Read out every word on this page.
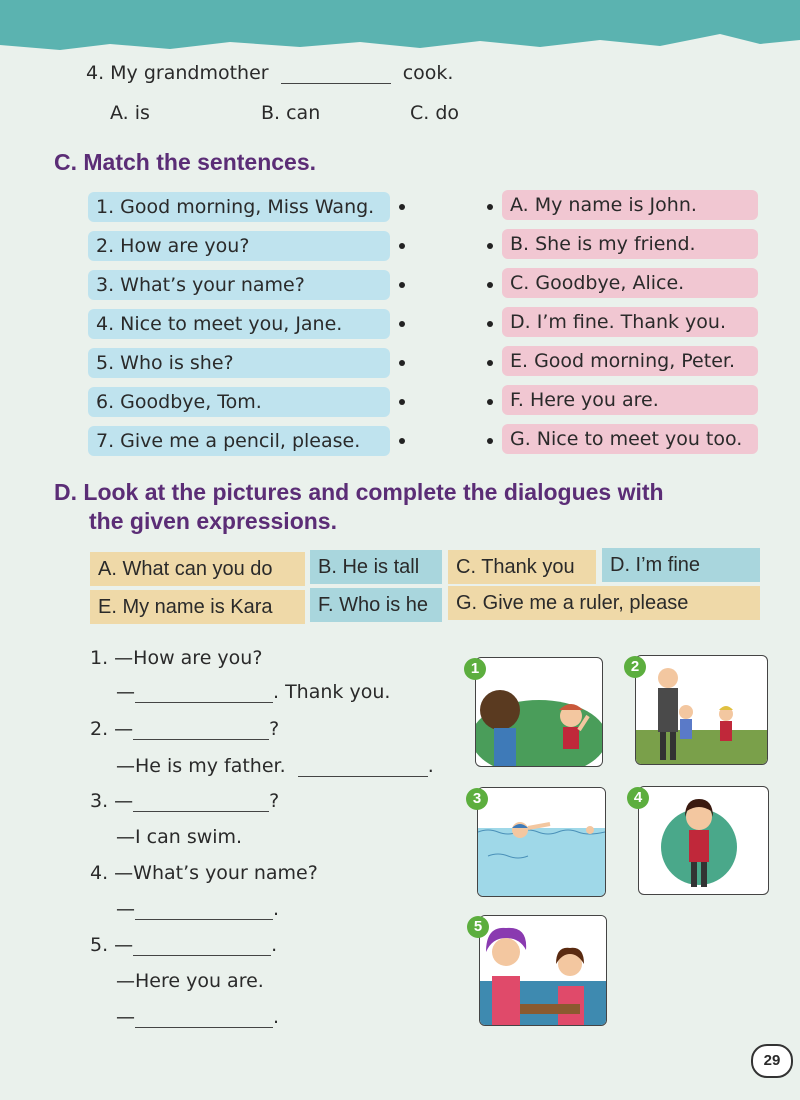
4. My grandmother	cook.
A. is	B. can	C. do
C. Match the sentences.
1. Good morning, Miss Wang.
2. How are you?
3. What’s your name?
4. Nice to meet you, Jane.
5. Who is she?
6. Goodbye, Tom.
7. Give me a pencil, please.
A. My name is John.
B. She is my friend.
C. Goodbye, Alice.
D. I’m fine. Thank you.
E. Good morning, Peter.
F. Here you are.
G. Nice to meet you too.
D. Look at the pictures and complete the dialogues with
the given expressions.
A. What can you do	B. He is tall	C. Thank you	D. I’m fine
E. My name is Kara	F. Who is he	G. Give me a ruler, please
1. —How are you?
—	. Thank you.
2. —	?
—He is my father.	.
3. —	?
—I can swim.
4. —What’s your name?
—	.
5. —	.
—Here you are.
—	.
1	2
3	4
5
29
